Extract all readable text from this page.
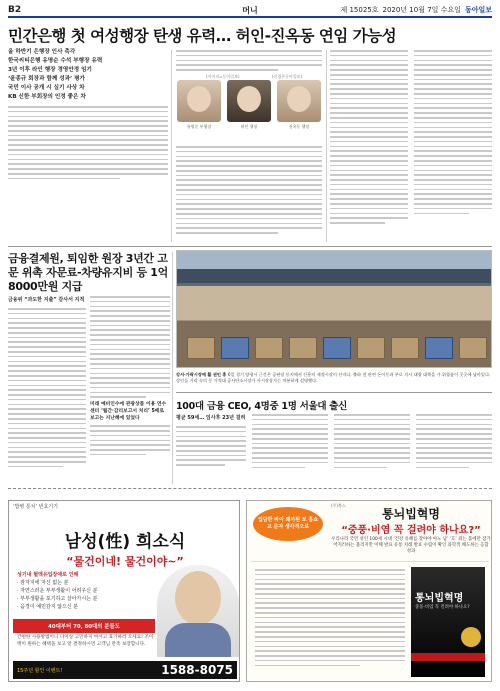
B2	머니	제 15025호 2020년 10월 7일 수요일 동아일보
민간은행 첫 여성행장 탄생 유력… 허인-진옥동 연임 가능성
올 하반기 은행장 인사 촉각
한국씨티은행 유명순 수석 부행장 유력
3년 이후 라인 행장 경영안정 임기
‘윤종규 회장과 함께 성과’ 평가
국민 이사 공개 시 실기 사상 차
KB 신한 부회장의 인정 좋은 차
(이미지=동아일보)	(신경은동아일보)
유명순 부행장	허인 행장	진옥동 행장
금융결제원, 퇴임한 원장 3년간 고문 위촉 자문료-차량유지비 등 1억8000만원 지급
금융위 “과도한 지출” 감사서 지적
미래 예비인수에 관광상품 이용 연수센터 ‘월간·감리보고서 처리’ 5배로 보고는 지난해에 있었다
강서·가락시장에 활 권인 흥 6일 경기 양평시 근간은 공판장 등지에서 신용의 제정시장이 산지다. 출하 전 관련 돈이동과 주로 지사 대량 대책을 가 위협품이 곳곳에 남아있다. 상인들 거리 속의 동 가격대 공사단소시장가 사시장상가는 차분하게 설명했다.
100대 금융 CEO, 4명중 1명 서울대 출신
평균 59세… 임사후 23년 걸려
‘밥병 통치’ 빈효기기
남성(性) 희소식
“물건이네! 물건이야~”
성기내 혈액유입장애로 인해
· 잠자지에 자신 없는 분
· 자연스러운 부부생활이 어려우신 분
· 부부생활을 포기하고 살아가시는 분
· 음경이 예민감지 않으신 분
40대부터 70, 80대의 분들도
간편한 사용방법이니 다이상 고민하지 마시고 효기하러 오세요! 조이맥이 원하는 혜택을 보고 알 결정하시면 고객님 만족 보장합니다.
15주년 할인 이벤트!	1588-8075
입담한 바이 왜까된 보 홈쇼교 문자 생각적으로
(주)북스
통뇌빕혁명
“중풍·비염 꼭 걸려야 하나요?”
우리나라 국민 성인 100세 시대 ‘건강 유혜를 찾아야 아노 남’ ‘흐’ 죄는 몸에만 잠가 어지러하는 불리지만 이해 발표 유통 치례 발표 수립이 확인 과학적 해도하는 응함 성과
통뇌빕혁명
중풍·비염 꼭 걸려야 하나요?
